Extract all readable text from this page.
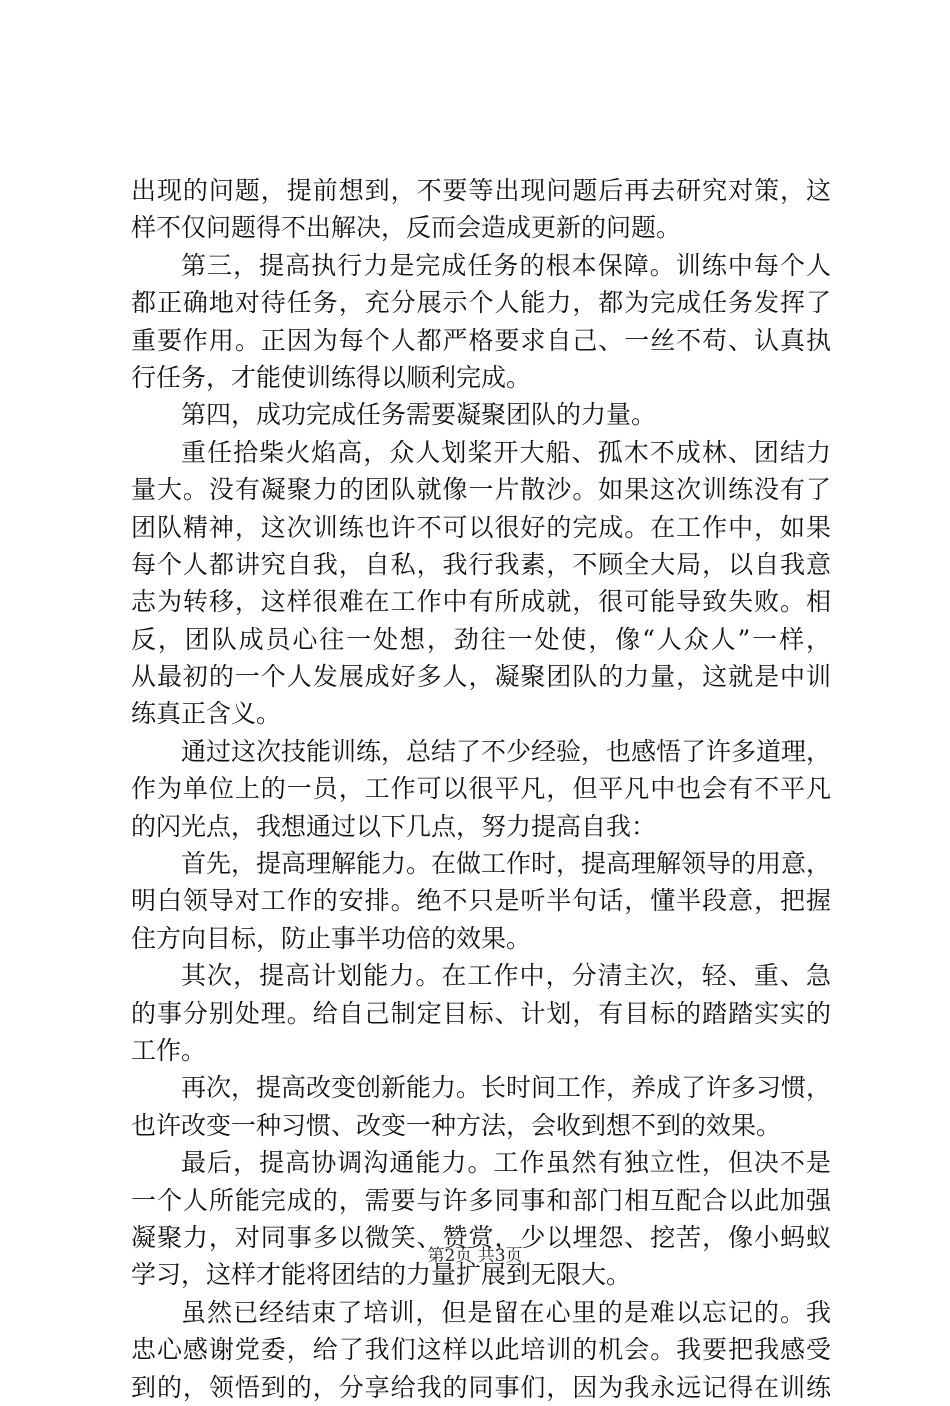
出现的问题，提前想到，不要等出现问题后再去研究对策，这
样不仅问题得不出解决，反而会造成更新的问题。
第三，提高执行力是完成任务的根本保障。训练中每个人
都正确地对待任务，充分展示个人能力，都为完成任务发挥了
重要作用。正因为每个人都严格要求自己、一丝不苟、认真执
行任务，才能使训练得以顺利完成。
第四，成功完成任务需要凝聚团队的力量。
重任拾柴火焰高，众人划桨开大船、孤木不成林、团结力
量大。没有凝聚力的团队就像一片散沙。如果这次训练没有了
团队精神，这次训练也许不可以很好的完成。在工作中，如果
每个人都讲究自我，自私，我行我素，不顾全大局，以自我意
志为转移，这样很难在工作中有所成就，很可能导致失败。相
反，团队成员心往一处想，劲往一处使，像“人众人”一样，
从最初的一个人发展成好多人，凝聚团队的力量，这就是中训
练真正含义。
通过这次技能训练，总结了不少经验，也感悟了许多道理，
作为单位上的一员，工作可以很平凡，但平凡中也会有不平凡
的闪光点，我想通过以下几点，努力提高自我：
首先，提高理解能力。在做工作时，提高理解领导的用意，
明白领导对工作的安排。绝不只是听半句话，懂半段意，把握
住方向目标，防止事半功倍的效果。
其次，提高计划能力。在工作中，分清主次，轻、重、急
的事分别处理。给自己制定目标、计划，有目标的踏踏实实的
工作。
再次，提高改变创新能力。长时间工作，养成了许多习惯，
也许改变一种习惯、改变一种方法，会收到想不到的效果。
最后，提高协调沟通能力。工作虽然有独立性，但决不是
一个人所能完成的，需要与许多同事和部门相互配合以此加强
凝聚力，对同事多以微笑、赞赏，少以埋怨、挖苦，像小蚂蚁
学习，这样才能将团结的力量扩展到无限大。
虽然已经结束了培训，但是留在心里的是难以忘记的。我
忠心感谢党委，给了我们这样以此培训的机会。我要把我感受
到的，领悟到的，分享给我的同事们，因为我永远记得在训练
第2页 共3页
